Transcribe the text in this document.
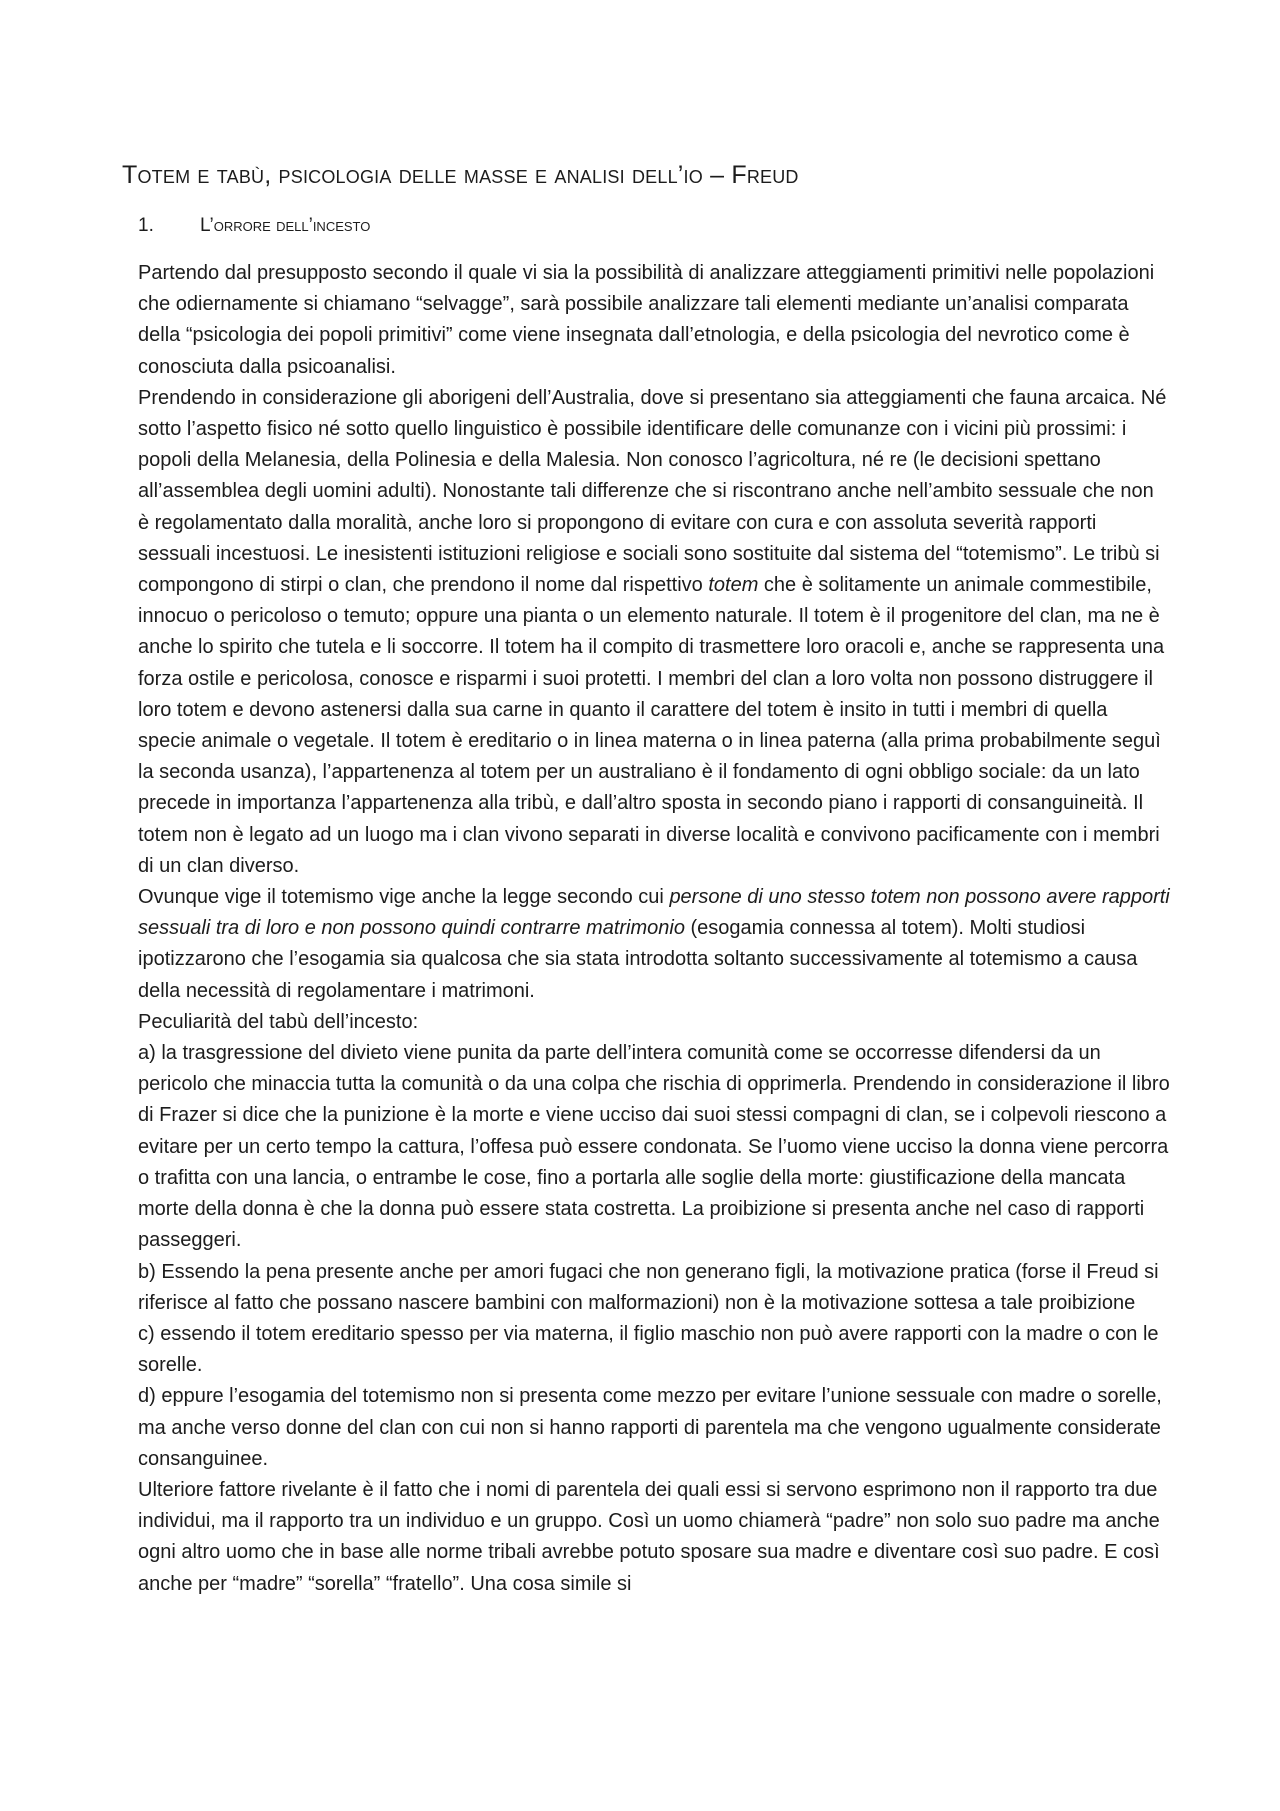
Totem e tabù, psicologia delle masse e analisi dell’io – Freud
1. L’orrore dell’incesto

Partendo dal presupposto secondo il quale vi sia la possibilità di analizzare atteggiamenti primitivi nelle popolazioni che odiernamente si chiamano “selvagge”, sarà possibile analizzare tali elementi mediante un’analisi comparata della “psicologia dei popoli primitivi” come viene insegnata dall’etnologia, e della psicologia del nevrotico come è conosciuta dalla psicoanalisi.

Prendendo in considerazione gli aborigeni dell’Australia, dove si presentano sia atteggiamenti che fauna arcaica. Né sotto l’aspetto fisico né sotto quello linguistico è possibile identificare delle comunanze con i vicini più prossimi: i popoli della Melanesia, della Polinesia e della Malesia. Non conosco l’agricoltura, né re (le decisioni spettano all’assemblea degli uomini adulti). Nonostante tali differenze che si riscontrano anche nell’ambito sessuale che non è regolamentato dalla moralità, anche loro si propongono di evitare con cura e con assoluta severità rapporti sessuali incestuosi. Le inesistenti istituzioni religiose e sociali sono sostituite dal sistema del “totemismo”. Le tribù si compongono di stirpi o clan, che prendono il nome dal rispettivo totem che è solitamente un animale commestibile, innocuo o pericoloso o temuto; oppure una pianta o un elemento naturale. Il totem è il progenitore del clan, ma ne è anche lo spirito che tutela e li soccorre. Il totem ha il compito di trasmettere loro oracoli e, anche se rappresenta una forza ostile e pericolosa, conosce e risparmi i suoi protetti. I membri del clan a loro volta non possono distruggere il loro totem e devono astenersi dalla sua carne in quanto il carattere del totem è insito in tutti i membri di quella specie animale o vegetale. Il totem è ereditario o in linea materna o in linea paterna (alla prima probabilmente seguì la seconda usanza), l’appartenenza al totem per un australiano è il fondamento di ogni obbligo sociale: da un lato precede in importanza l’appartenenza alla tribù, e dall’altro sposta in secondo piano i rapporti di consanguineità. Il totem non è legato ad un luogo ma i clan vivono separati in diverse località e convivono pacificamente con i membri di un clan diverso.

Ovunque vige il totemismo vige anche la legge secondo cui persone di uno stesso totem non possono avere rapporti sessuali tra di loro e non possono quindi contrarre matrimonio (esogamia connessa al totem). Molti studiosi ipotizzarono che l’esogamia sia qualcosa che sia stata introdotta soltanto successivamente al totemismo a causa della necessità di regolamentare i matrimoni.

Peculiarità del tabù dell’incesto:

a) la trasgressione del divieto viene punita da parte dell’intera comunità come se occorresse difendersi da un pericolo che minaccia tutta la comunità o da una colpa che rischia di opprimerla. Prendendo in considerazione il libro di Frazer si dice che la punizione è la morte e viene ucciso dai suoi stessi compagni di clan, se i colpevoli riescono a evitare per un certo tempo la cattura, l’offesa può essere condonata. Se l’uomo viene ucciso la donna viene percorra o trafitta con una lancia, o entrambe le cose, fino a portarla alle soglie della morte: giustificazione della mancata morte della donna è che la donna può essere stata costretta. La proibizione si presenta anche nel caso di rapporti passeggeri.

b) Essendo la pena presente anche per amori fugaci che non generano figli, la motivazione pratica (forse il Freud si riferisce al fatto che possano nascere bambini con malformazioni) non è la motivazione sottesa a tale proibizione

c) essendo il totem ereditario spesso per via materna, il figlio maschio non può avere rapporti con la madre o con le sorelle.

d) eppure l’esogamia del totemismo non si presenta come mezzo per evitare l’unione sessuale con madre o sorelle, ma anche verso donne del clan con cui non si hanno rapporti di parentela ma che vengono ugualmente considerate consanguinee.

Ulteriore fattore rivelante è il fatto che i nomi di parentela dei quali essi si servono esprimono non il rapporto tra due individui, ma il rapporto tra un individuo e un gruppo. Così un uomo chiamerà “padre” non solo suo padre ma anche ogni altro uomo che in base alle norme tribali avrebbe potuto sposare sua madre e diventare così suo padre. E così anche per “madre” “sorella” “fratello”. Una cosa simile si
